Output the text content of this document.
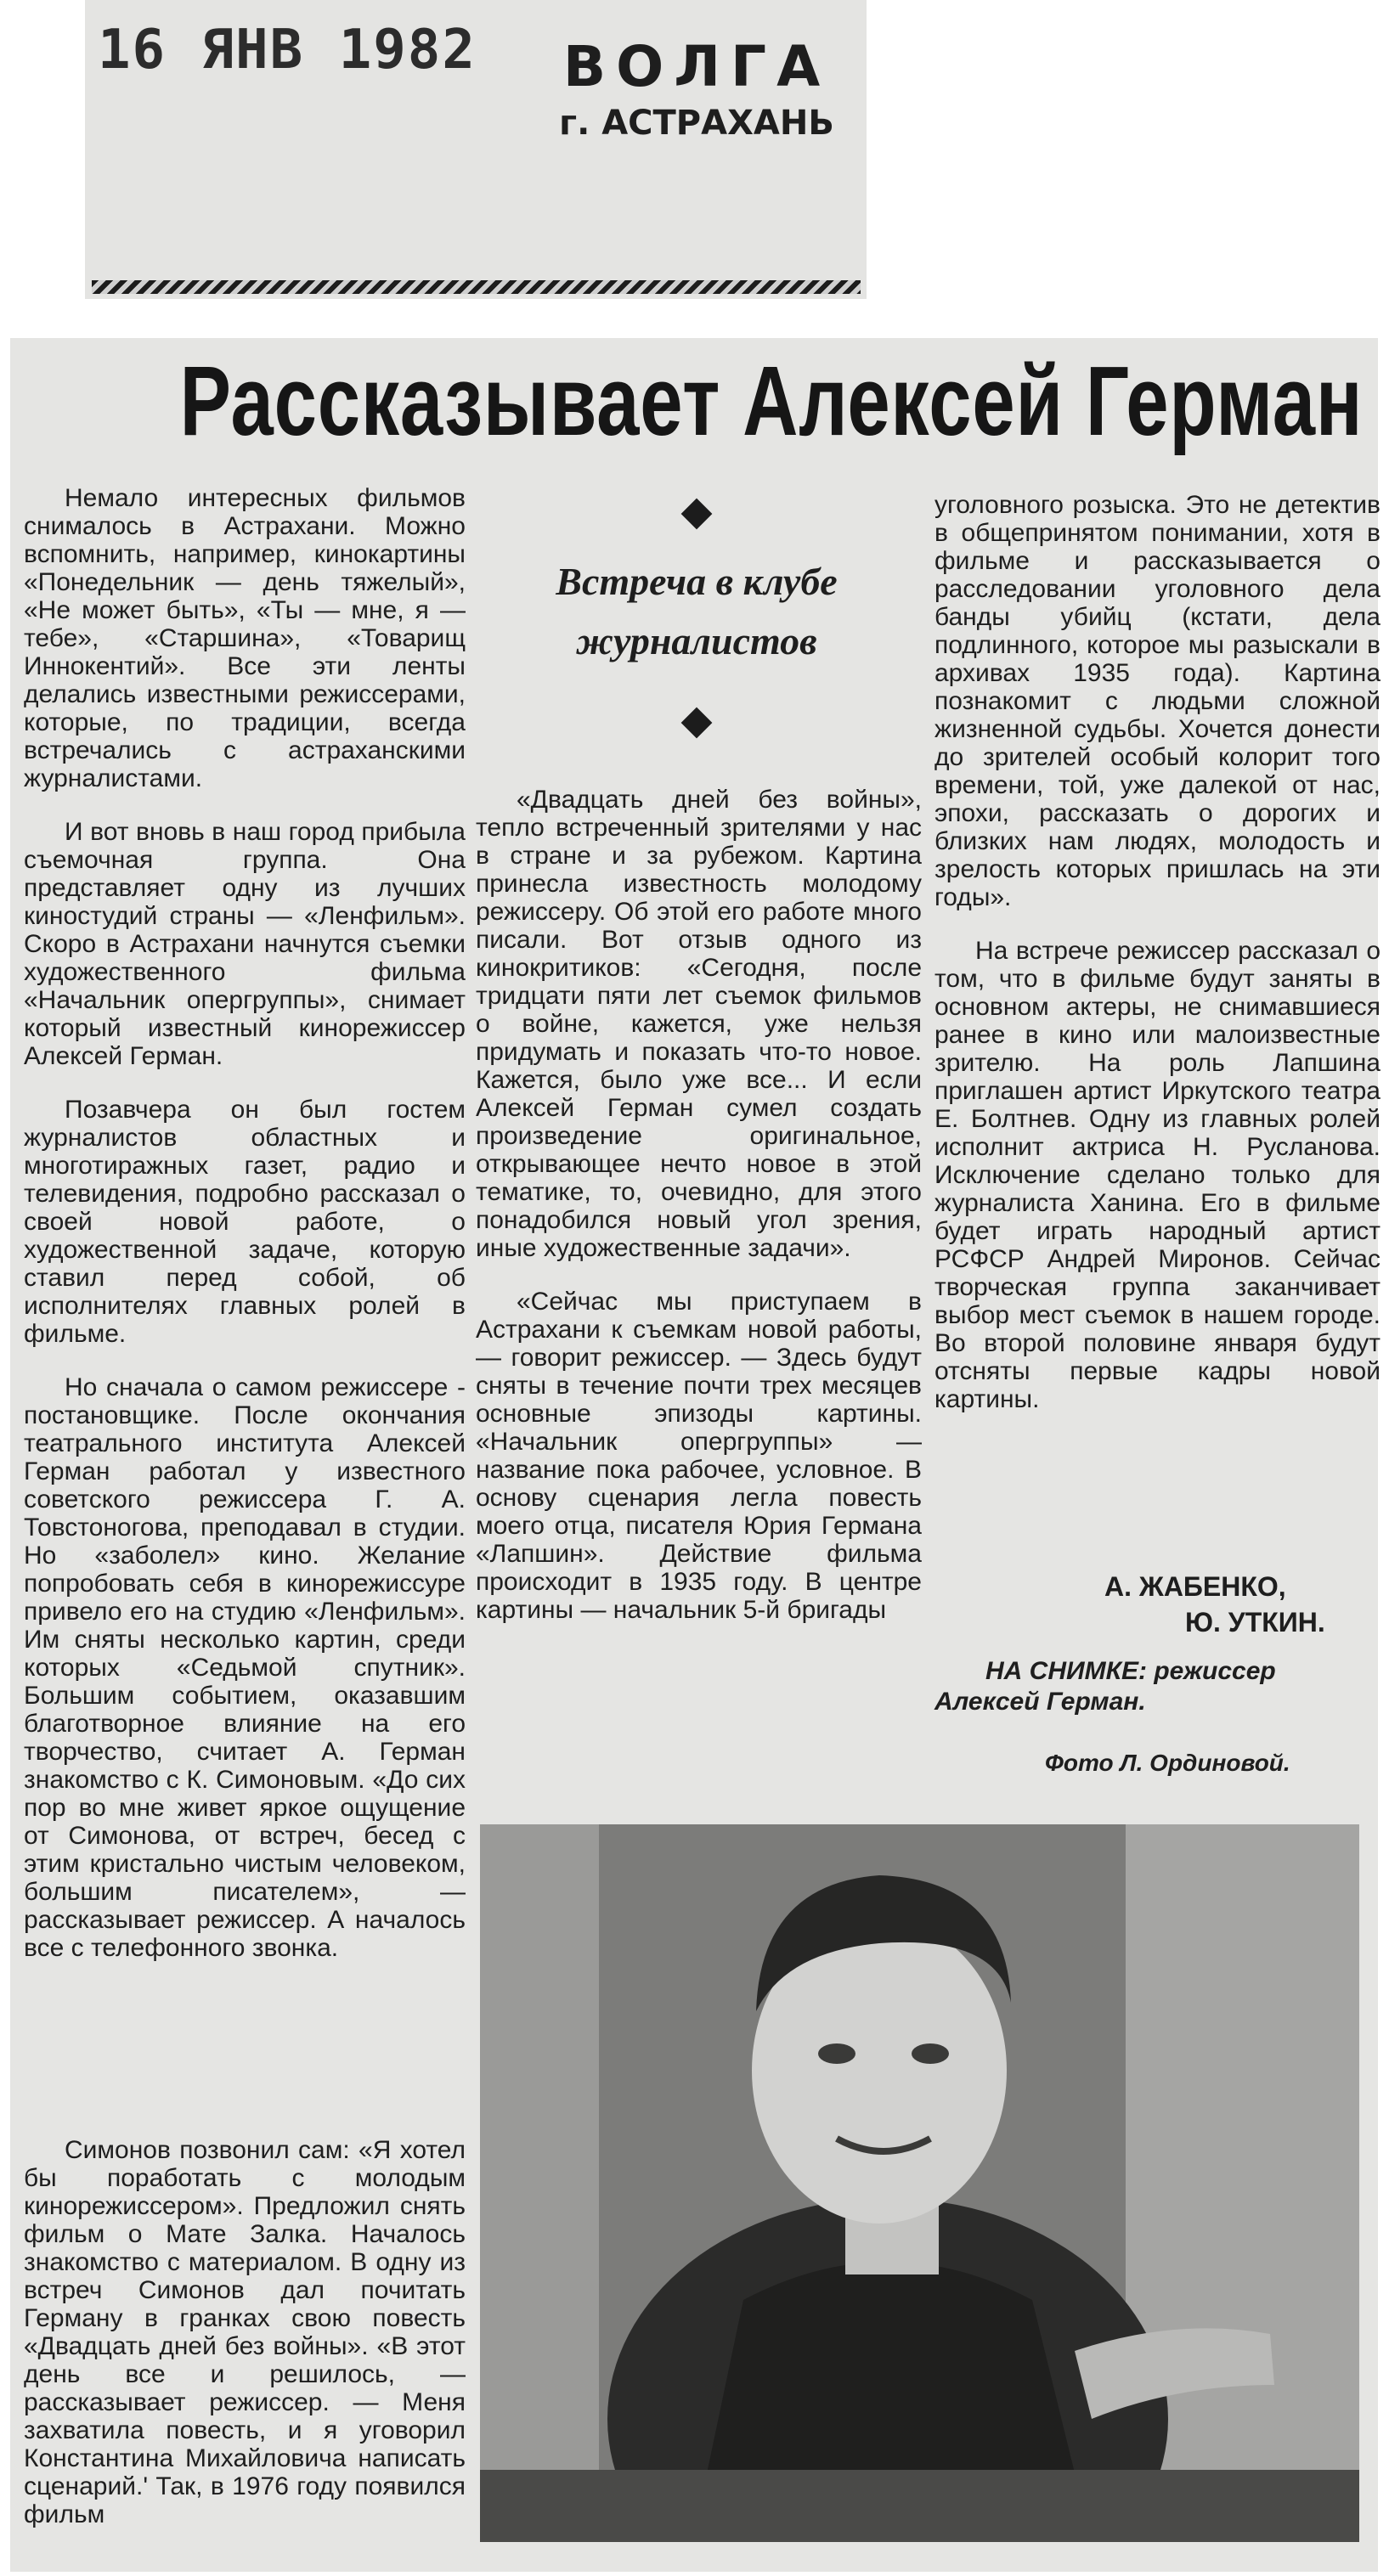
16 ЯНВ 1982	ВОЛГА
г. АСТРАХАНЬ
Рассказывает Алексей Герман

Немало интересных фильмов снималось в Астрахани. Можно вспомнить, например, кинокартины «Понедельник — день тяжелый», «Не может быть», «Ты — мне, я — тебе», «Старшина», «Товарищ Иннокентий». Все эти ленты делались известными режиссерами, которые, по традиции, всегда встречались с астраханскими журналистами.

И вот вновь в наш город прибыла съемочная группа. Она представляет одну из лучших киностудий страны — «Ленфильм». Скоро в Астрахани начнутся съемки художественного фильма «Начальник опергруппы», снимает который известный кинорежиссер Алексей Герман.

Позавчера он был гостем журналистов областных и многотиражных газет, радио и телевидения, подробно рассказал о своей новой работе, о художественной задаче, которую ставил перед собой, об исполнителях главных ролей в фильме.

Но сначала о самом режиссере - постановщике. После окончания театрального института Алексей Герман работал у известного советского режиссера Г. А. Товстоногова, преподавал в студии. Но «заболел» кино. Желание попробовать себя в кинорежиссуре привело его на студию «Ленфильм». Им сняты несколько картин, среди которых «Седьмой спутник». Большим событием, оказавшим благотворное влияние на его творчество, считает А. Герман знакомство с К. Симоновым. «До сих пор во мне живет яркое ощущение от Симонова, от встреч, бесед с этим кристально чистым человеком, большим писателем», — рассказывает режиссер. А началось все с телефонного звонка.

Симонов позвонил сам: «Я хотел бы поработать с молодым кинорежиссером». Предложил снять фильм о Мате Залка. Началось знакомство с материалом. В одну из встреч Симонов дал почитать Герману в гранках свою повесть «Двадцать дней без войны». «В этот день все и решилось, — рассказывает режиссер. — Меня захватила повесть, и я уговорил Константина Михайловича написать сценарий.' Так, в 1976 году появился фильм

Встреча в клубе журналистов

«Двадцать дней без войны», тепло встреченный зрителями у нас в стране и за рубежом. Картина принесла известность молодому режиссеру. Об этой его работе много писали. Вот отзыв одного из кинокритиков: «Сегодня, после тридцати пяти лет съемок фильмов о войне, кажется, уже нельзя придумать и показать что-то новое. Кажется, было уже все... И если Алексей Герман сумел создать произведение оригинальное, открывающее нечто новое в этой тематике, то, очевидно, для этого понадобился новый угол зрения, иные художественные задачи».

«Сейчас мы приступаем в Астрахани к съемкам новой работы, — говорит режиссер. — Здесь будут сняты в течение почти трех месяцев основные эпизоды картины. «Начальник опергруппы» — название пока рабочее, условное. В основу сценария легла повесть моего отца, писателя Юрия Германа «Лапшин». Действие фильма происходит в 1935 году. В центре картины — начальник 5-й бригады

уголовного розыска. Это не детектив в общепринятом понимании, хотя в фильме и рассказывается о расследовании уголовного дела банды убийц (кстати, дела подлинного, которое мы разыскали в архивах 1935 года). Картина познакомит с людьми сложной жизненной судьбы. Хочется донести до зрителей особый колорит того времени, той, уже далекой от нас, эпохи, рассказать о дорогих и близких нам людях, молодость и зрелость которых пришлась на эти годы».

На встрече режиссер рассказал о том, что в фильме будут заняты в основном актеры, не снимавшиеся ранее в кино или малоизвестные зрителю. На роль Лапшина приглашен артист Иркутского театра Е. Болтнев. Одну из главных ролей исполнит актриса Н. Русланова. Исключение сделано только для журналиста Ханина. Его в фильме будет играть народный артист РСФСР Андрей Миронов. Сейчас творческая группа заканчивает выбор мест съемок в нашем городе. Во второй половине января будут отсняты первые кадры новой картины.

А. ЖАБЕНКО,
Ю. УТКИН.
НА СНИМКЕ: режиссер Алексей Герман.
Фото Л. Ординовой.
